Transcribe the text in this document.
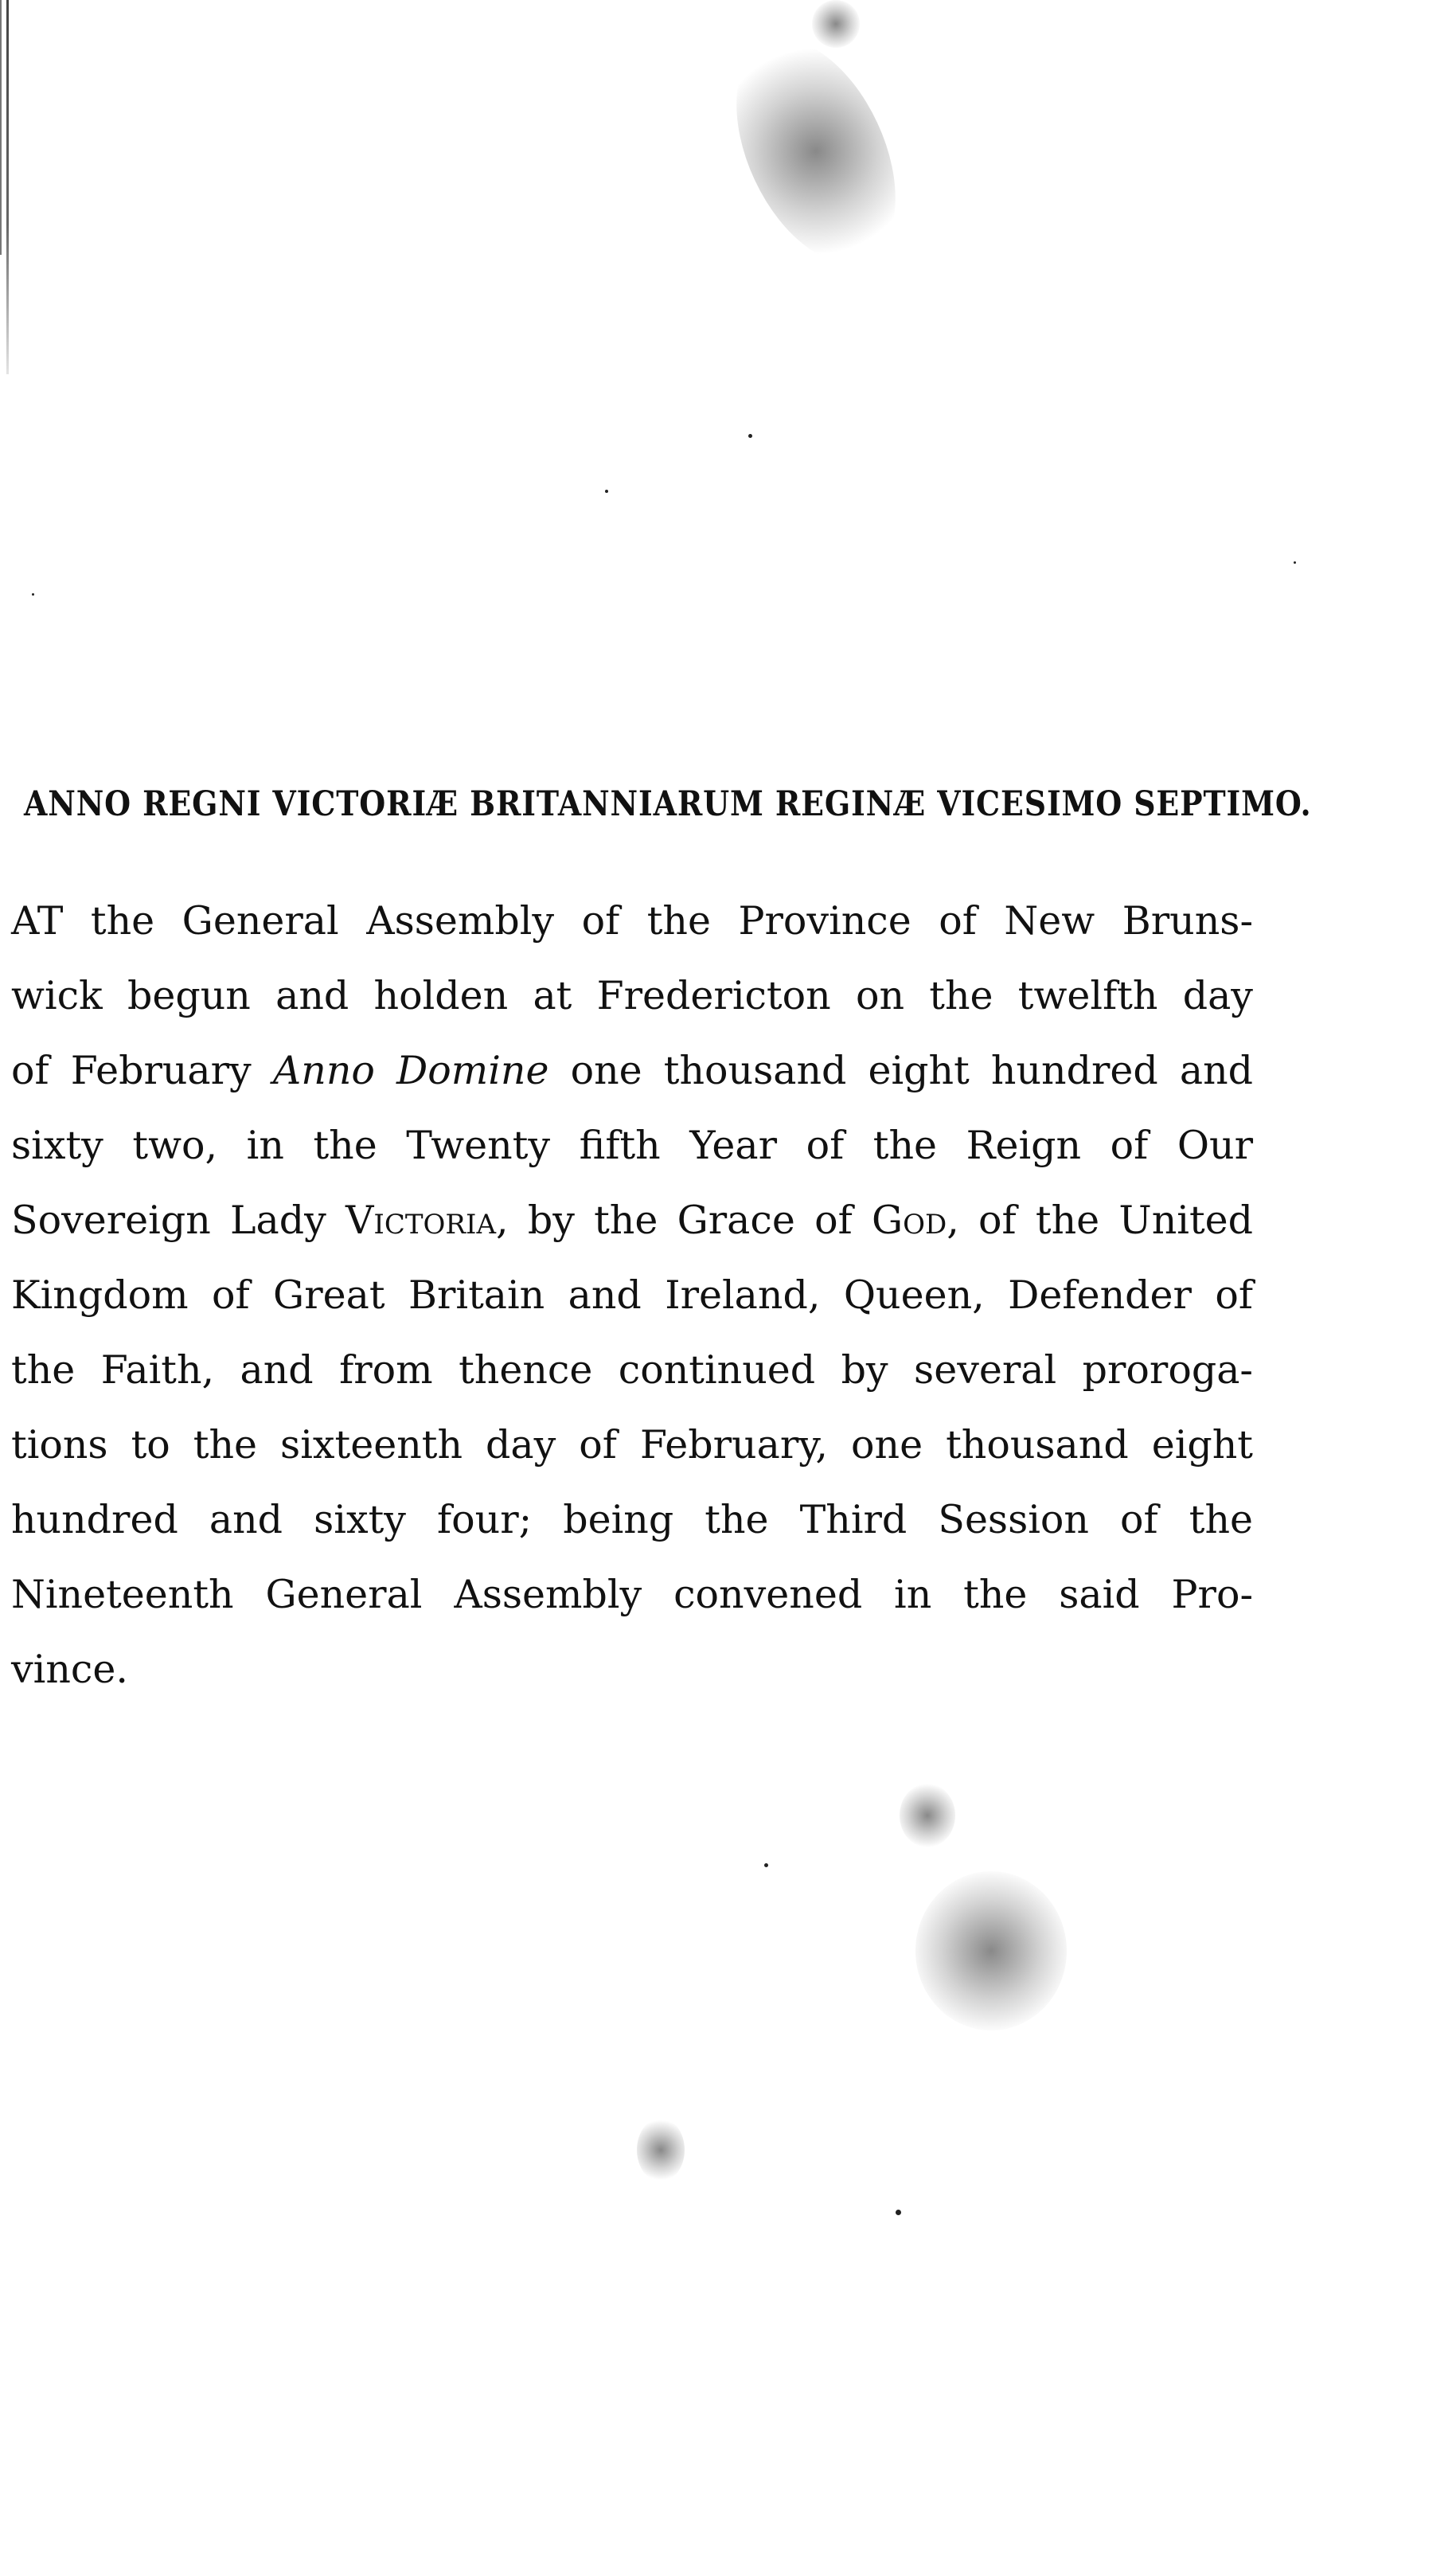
ANNO REGNI VICTORIÆ BRITANNIARUM REGINÆ VICESIMO SEPTIMO.
AT the General Assembly of the Province of New Bruns-
wick begun and holden at Fredericton on the twelfth day
of February Anno Domine one thousand eight hundred and
sixty two, in the Twenty fifth Year of the Reign of Our
Sovereign Lady Victoria, by the Grace of God, of the United
Kingdom of Great Britain and Ireland, Queen, Defender of
the Faith, and from thence continued by several proroga-
tions to the sixteenth day of February, one thousand eight
hundred and sixty four; being the Third Session of the
Nineteenth General Assembly convened in the said Pro-
vince.
